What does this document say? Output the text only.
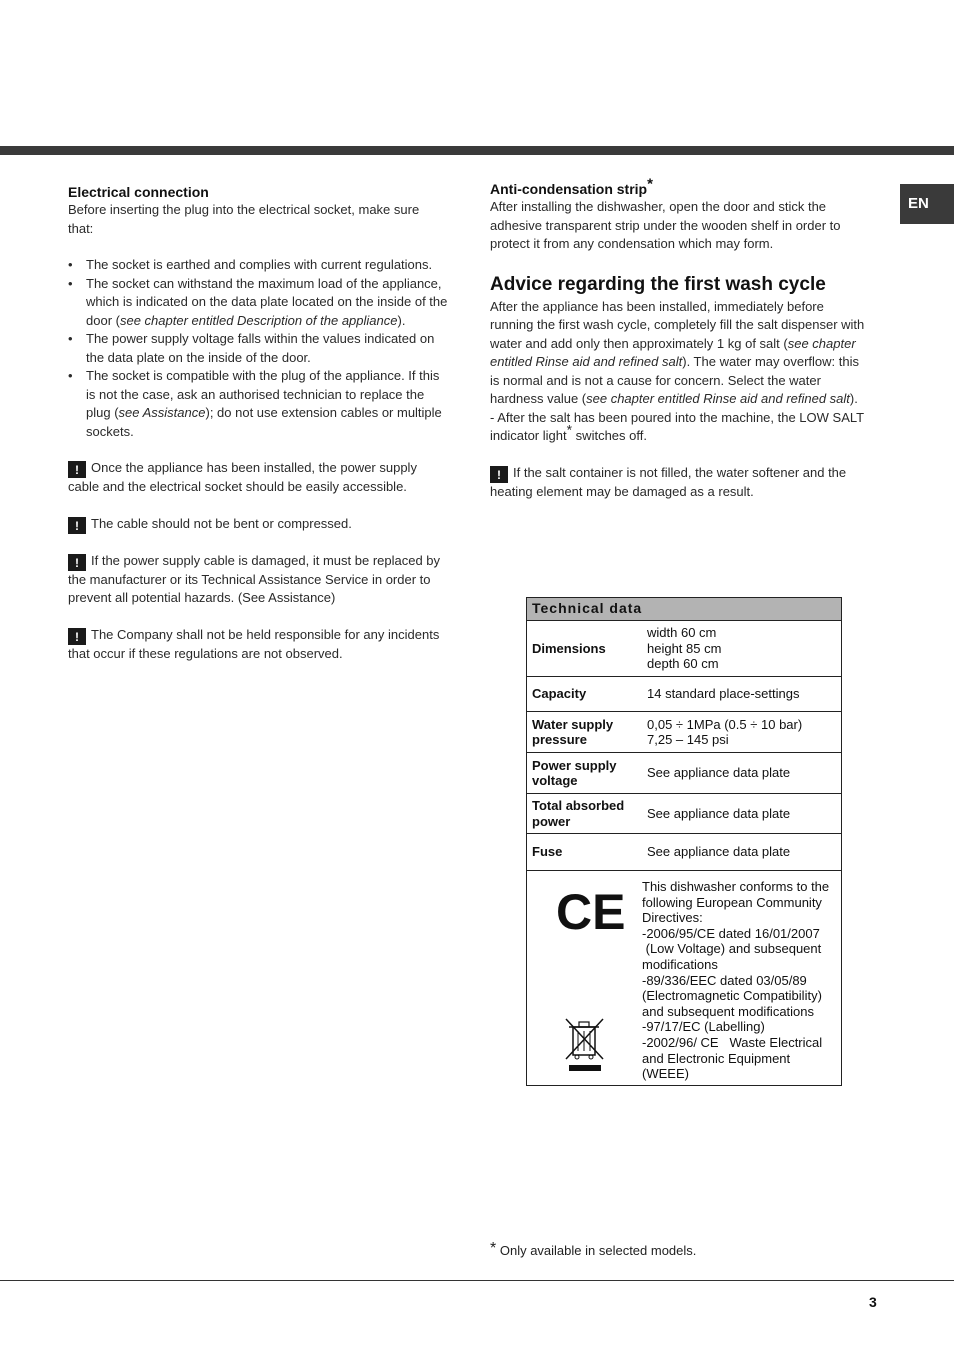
EN
Electrical connection

Before inserting the plug into the electrical socket, make sure that:

• The socket is earthed and complies with current regulations.
• The socket can withstand the maximum load of the appliance, which is indicated on the data plate located on the inside of the door (see chapter entitled Description of the appliance).
• The power supply voltage falls within the values indicated on the data plate on the inside of the door.
• The socket is compatible with the plug of the appliance. If this is not the case, ask an authorised technician to replace the plug (see Assistance); do not use extension cables or multiple sockets.

! Once the appliance has been installed, the power supply cable and the electrical socket should be easily accessible.

! The cable should not be bent or compressed.

! If the power supply cable is damaged, it must be replaced by the manufacturer or its Technical Assistance Service in order to prevent all potential hazards. (See Assistance)

! The Company shall not be held responsible for any incidents that occur if these regulations are not observed.

Anti-condensation strip*

After installing the dishwasher, open the door and stick the adhesive transparent strip under the wooden shelf in order to protect it from any condensation which may form.

Advice regarding the first wash cycle

After the appliance has been installed, immediately before running the first wash cycle, completely fill the salt dispenser with water and add only then approximately 1 kg of salt (see chapter entitled Rinse aid and refined salt). The water may overflow: this is normal and is not a cause for concern. Select the water hardness value (see chapter entitled Rinse aid and refined salt). - After the salt has been poured into the machine, the LOW SALT indicator light* switches off.

! If the salt container is not filled, the water softener and the heating element may be damaged as a result.

Technical data
Dimensions
width 60 cm
height 85 cm
depth 60 cm
Capacity	14 standard place-settings
Water supply pressure
0,05 ÷ 1MPa (0.5 ÷ 10 bar)
7,25 – 145 psi
Power supply voltage
See appliance data plate
Total absorbed power
See appliance data plate
Fuse	See appliance data plate
CE This dishwasher conforms to the following European Community Directives:
-2006/95/CE dated 16/01/2007
(Low Voltage) and subsequent modifications
-89/336/EEC dated 03/05/89 (Electromagnetic Compatibility) and subsequent modifications
-97/17/EC (Labelling)
-2002/96/ CE   Waste Electrical and Electronic Equipment (WEEE)
* Only available in selected models.
3
